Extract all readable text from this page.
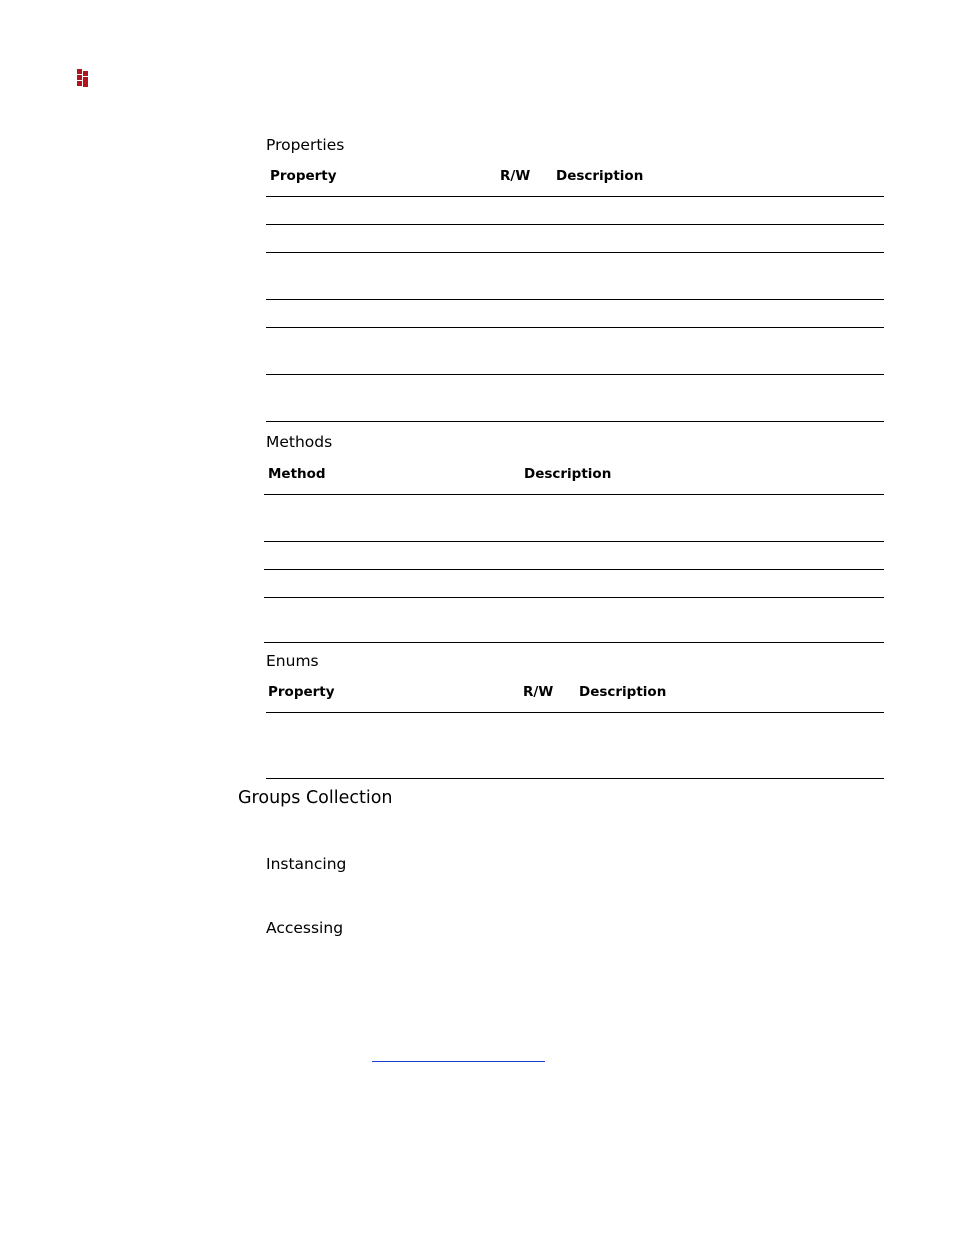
Properties
Property	R/W Description
Methods
Method	Description
Enums
Property	R/W Description
Groups Collection
Instancing
Accessing
